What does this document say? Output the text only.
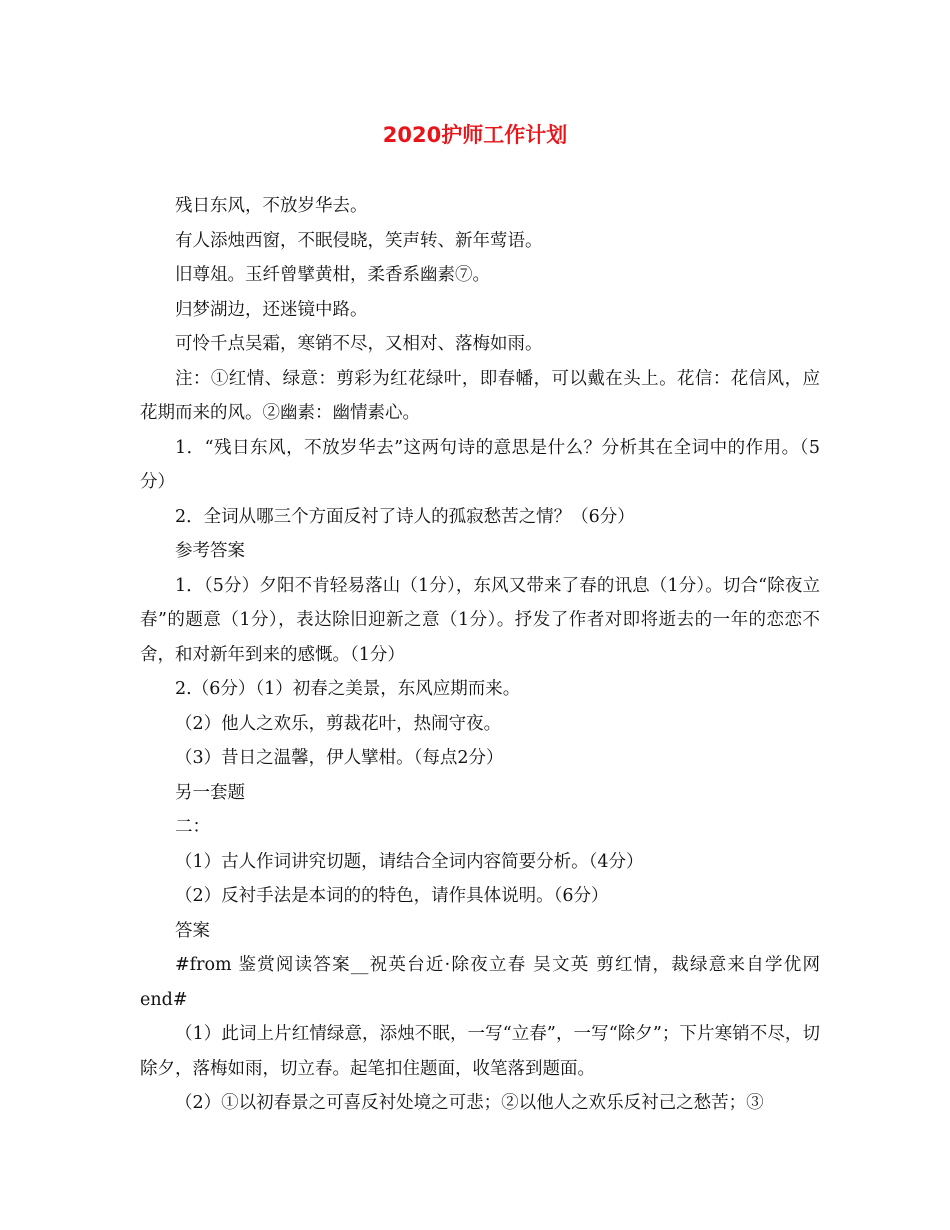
2020护师工作计划

残日东风，不放岁华去。

有人添烛西窗，不眠侵晓，笑声转、新年莺语。

旧尊俎。玉纤曾擘黄柑，柔香系幽素⑦。

归梦湖边，还迷镜中路。

可怜千点吴霜，寒销不尽，又相对、落梅如雨。

注：①红情、绿意：剪彩为红花绿叶，即春幡，可以戴在头上。花信：花信风，应花期而来的风。②幽素：幽情素心。

1．“残日东风，不放岁华去”这两句诗的意思是什么？分析其在全词中的作用。（5分）

2．全词从哪三个方面反衬了诗人的孤寂愁苦之情？（6分）

参考答案

1．（5分）夕阳不肯轻易落山（1分），东风又带来了春的讯息（1分）。切合“除夜立春”的题意（1分），表达除旧迎新之意（1分）。抒发了作者对即将逝去的一年的恋恋不舍，和对新年到来的感慨。（1分）

2.（6分）（1）初春之美景，东风应期而来。

（2）他人之欢乐，剪裁花叶，热闹守夜。

（3）昔日之温馨，伊人擘柑。（每点2分）

另一套题

二：

（1）古人作词讲究切题，请结合全词内容简要分析。（4分）

（2）反衬手法是本词的的特色，请作具体说明。（6分）

答案

#from 鉴赏阅读答案__祝英台近·除夜立春 吴文英 剪红情，裁绿意来自学优网 end#

（1）此词上片红情绿意，添烛不眠，一写“立春”，一写“除夕”；下片寒销不尽，切除夕，落梅如雨，切立春。起笔扣住题面，收笔落到题面。

（2）①以初春景之可喜反衬处境之可悲；②以他人之欢乐反衬己之愁苦；③
